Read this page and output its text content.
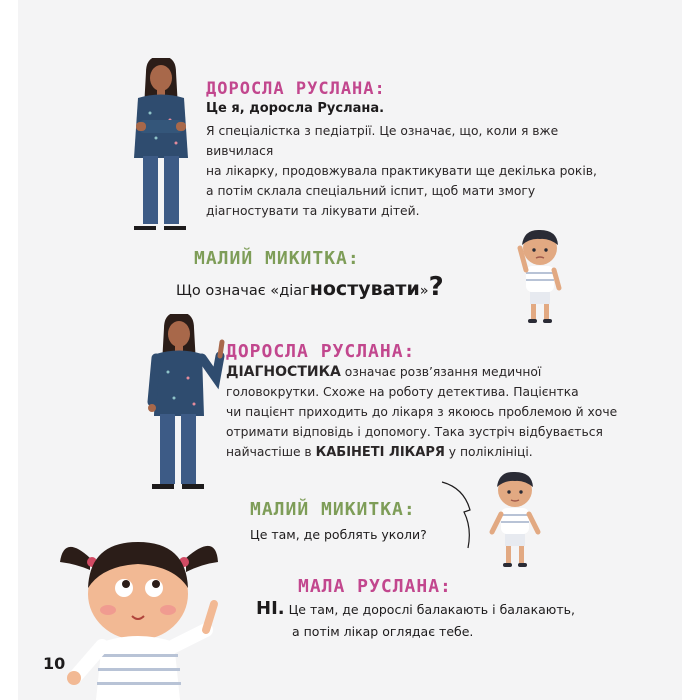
ДОРОСЛА РУСЛАНА:
Це я, доросла Руслана.
Я спеціалістка з педіатрії. Це означає, що, коли я вже вивчилася
на лікарку, продовжувала практикувати ще декілька років,
а потім склала спеціальний іспит, щоб мати змогу
діагностувати та лікувати дітей.
МАЛИЙ МИКИТКА:
Що означає «діагностувати»?
ДОРОСЛА РУСЛАНА:
ДІАГНОСТИКА означає розв’язання медичної
головокрутки. Схоже на роботу детектива. Пацієнтка
чи пацієнт приходить до лікаря з якоюсь проблемою й хоче
отримати відповідь і допомогу. Така зустріч відбувається
найчастіше в КАБІНЕТІ ЛІКАРЯ у поліклініці.
МАЛИЙ МИКИТКА:
Це там, де роблять уколи?
МАЛА РУСЛАНА:
НІ. Це там, де дорослі балакають і балакають,
а потім лікар оглядає тебе.
10
